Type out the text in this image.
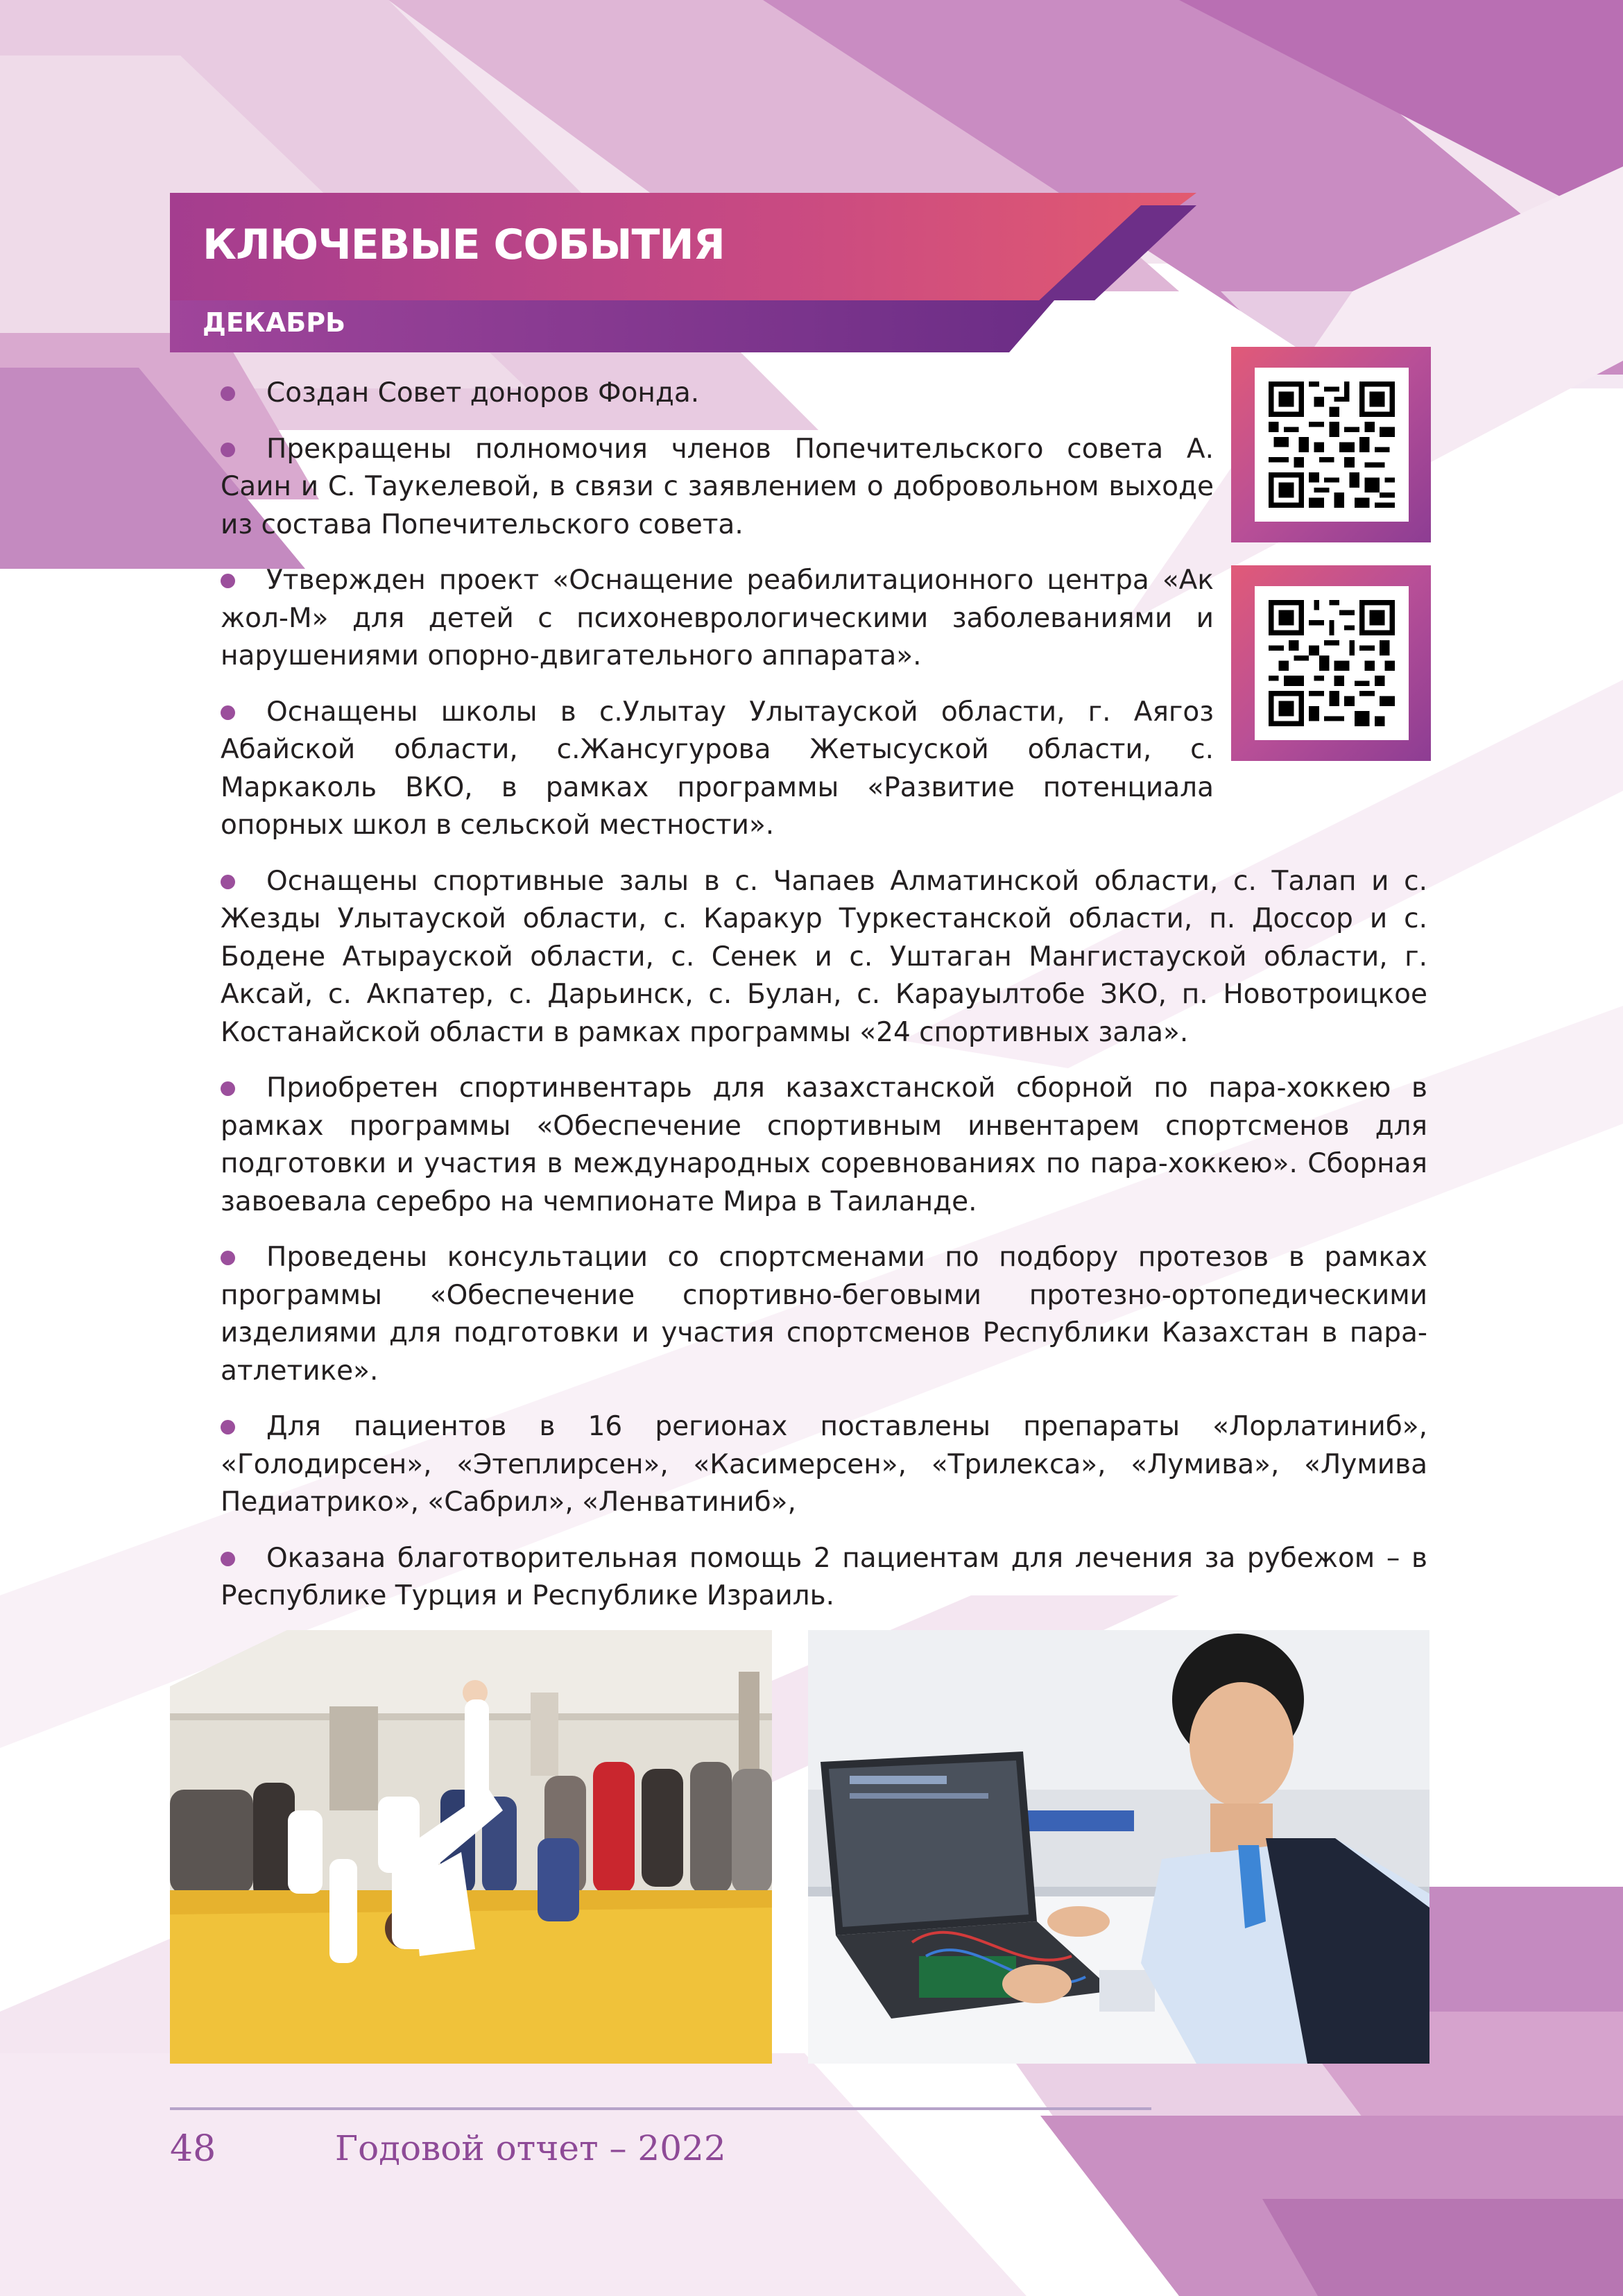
КЛЮЧЕВЫЕ СОБЫТИЯ
ДЕКАБРЬ

Создан Совет доноров Фонда.

Прекращены полномочия членов Попечительского совета А. Саин и С. Таукелевой, в связи с заявлением о добровольном выходе из состава Попечительского совета.

Утвержден проект «Оснащение реабилитационного центра «Ак жол-М» для детей с психоневрологическими заболеваниями и нарушениями опорно-двигательного аппарата».

Оснащены школы в с.Улытау Улытауской области, г. Аягоз Абайской области, с.Жансугурова Жетысуской области, с. Маркаколь ВКО, в рамках программы «Развитие потенциала опорных школ в сельской местности».

Оснащены спортивные залы в с. Чапаев Алматинской области, с. Талап и с. Жезды Улытауской области, с. Каракур Туркестанской области, п. Доссор и с. Бодене Атырауской области, с. Сенек и с. Уштаган Мангистауской области, г. Аксай, с. Акпатер, с. Дарьинск, с. Булан, с. Карауылтобе ЗКО, п. Новотроицкое Костанайской области в рамках программы «24 спортивных зала».

Приобретен спортинвентарь для казахстанской сборной по пара-хоккею в рамках программы «Обеспечение спортивным инвентарем спортсменов для подготовки и участия в международных соревнованиях по пара-хоккею». Сборная завоевала серебро на чемпионате Мира в Таиланде.

Проведены консультации со спортсменами по подбору протезов в рамках программы «Обеспечение спортивно-беговыми протезно-ортопедическими изделиями для подготовки и участия спортсменов Республики Казахстан в пара-атлетике».

Для пациентов в 16 регионах поставлены препараты «Лорлатиниб», «Голодирсен», «Этеплирсен», «Касимерсен», «Трилекса», «Лумива», «Лумива Педиатрико», «Сабрил», «Ленватиниб»,

Оказана благотворительная помощь 2 пациентам для лечения за рубежом – в Республике Турция и Республике Израиль.

48	Годовой отчет – 2022
